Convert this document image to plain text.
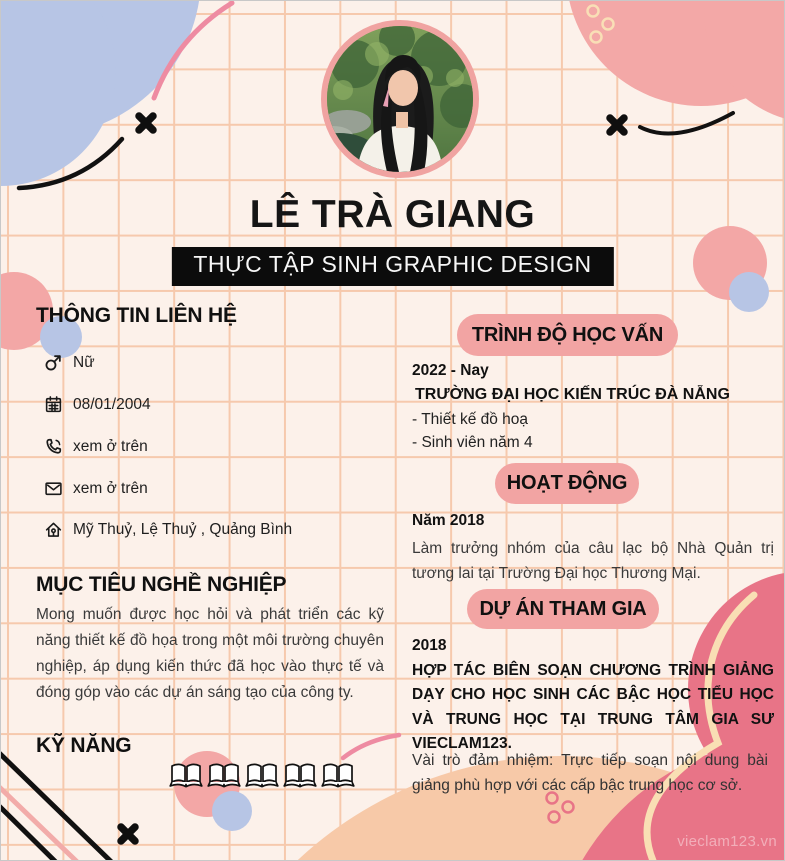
LÊ TRÀ GIANG
THỰC TẬP SINH GRAPHIC DESIGN
THÔNG TIN LIÊN HỆ
Nữ
08/01/2004
xem ở trên
xem ở trên
Mỹ Thuỷ, Lệ Thuỷ , Quảng Bình
MỤC TIÊU NGHỀ NGHIỆP

Mong muốn được học hỏi và phát triển các kỹ năng thiết kế đồ họa trong một môi trường chuyên nghiệp, áp dụng kiến thức đã học vào thực tế và đóng góp vào các dự án sáng tạo của công ty.

KỸ NĂNG
TRÌNH ĐỘ HỌC VẤN

2022 - Nay

TRƯỜNG ĐẠI HỌC KIẾN TRÚC ĐÀ NẴNG

- Thiết kế đồ hoạ

- Sinh viên năm 4

HOẠT ĐỘNG

Năm 2018

Làm trưởng nhóm của câu lạc bộ Nhà Quản trị tương lai tại Trường Đại học Thương Mại.

DỰ ÁN THAM GIA

2018

HỢP TÁC BIÊN SOẠN CHƯƠNG TRÌNH GIẢNG DẠY CHO HỌC SINH CÁC BẬC HỌC TIỂU HỌC VÀ TRUNG HỌC TẠI TRUNG TÂM GIA SƯ VIECLAM123.

Vài trò đảm nhiệm: Trực tiếp soạn nội dung bài giảng phù hợp với các cấp bậc trung học cơ sở.

vieclam123.vn
